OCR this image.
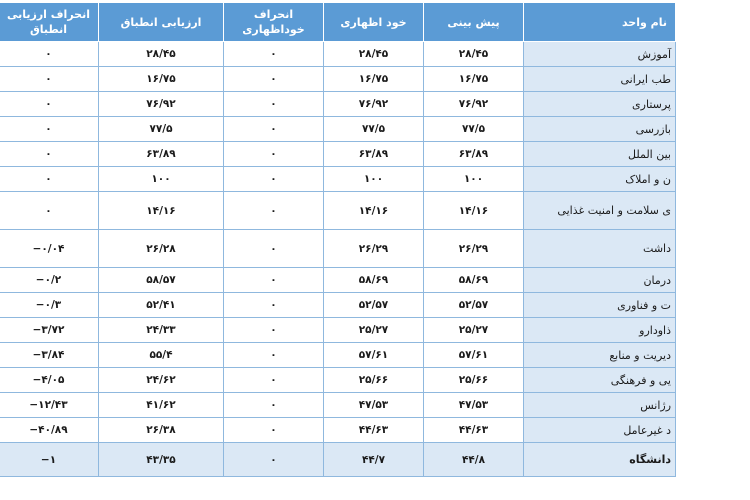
نام واحد	پیش بینی	خود اظهاری	انحراف خوداظهاری	ارزیابی انطباق	انحراف ارزیابی انطباق
آموزش	۲۸/۴۵	۲۸/۴۵	۰	۲۸/۴۵	۰
طب ایرانی	۱۶/۷۵	۱۶/۷۵	۰	۱۶/۷۵	۰
پرستاری	۷۶/۹۲	۷۶/۹۲	۰	۷۶/۹۲	۰
بازرسی	۷۷/۵	۷۷/۵	۰	۷۷/۵	۰
بین الملل	۶۳/۸۹	۶۳/۸۹	۰	۶۳/۸۹	۰
ن و املاک	۱۰۰	۱۰۰	۰	۱۰۰	۰
ی سلامت و امنیت غذایی	۱۴/۱۶	۱۴/۱۶	۰	۱۴/۱۶	۰
داشت	۲۶/۲۹	۲۶/۲۹	۰	۲۶/۲۸	−۰/۰۴
درمان	۵۸/۶۹	۵۸/۶۹	۰	۵۸/۵۷	−۰/۲
ت و فناوری	۵۲/۵۷	۵۲/۵۷	۰	۵۲/۴۱	−۰/۳
ذاودارو	۲۵/۲۷	۲۵/۲۷	۰	۲۴/۳۳	−۳/۷۲
دیریت و منابع	۵۷/۶۱	۵۷/۶۱	۰	۵۵/۴	−۳/۸۴
یی و فرهنگی	۲۵/۶۶	۲۵/۶۶	۰	۲۴/۶۲	−۴/۰۵
رژانس	۴۷/۵۳	۴۷/۵۳	۰	۴۱/۶۲	−۱۲/۴۳
د غیرعامل	۴۴/۶۳	۴۴/۶۳	۰	۲۶/۳۸	−۴۰/۸۹
دانشگاه	۴۴/۸	۴۴/۷	۰	۴۳/۳۵	−۱
